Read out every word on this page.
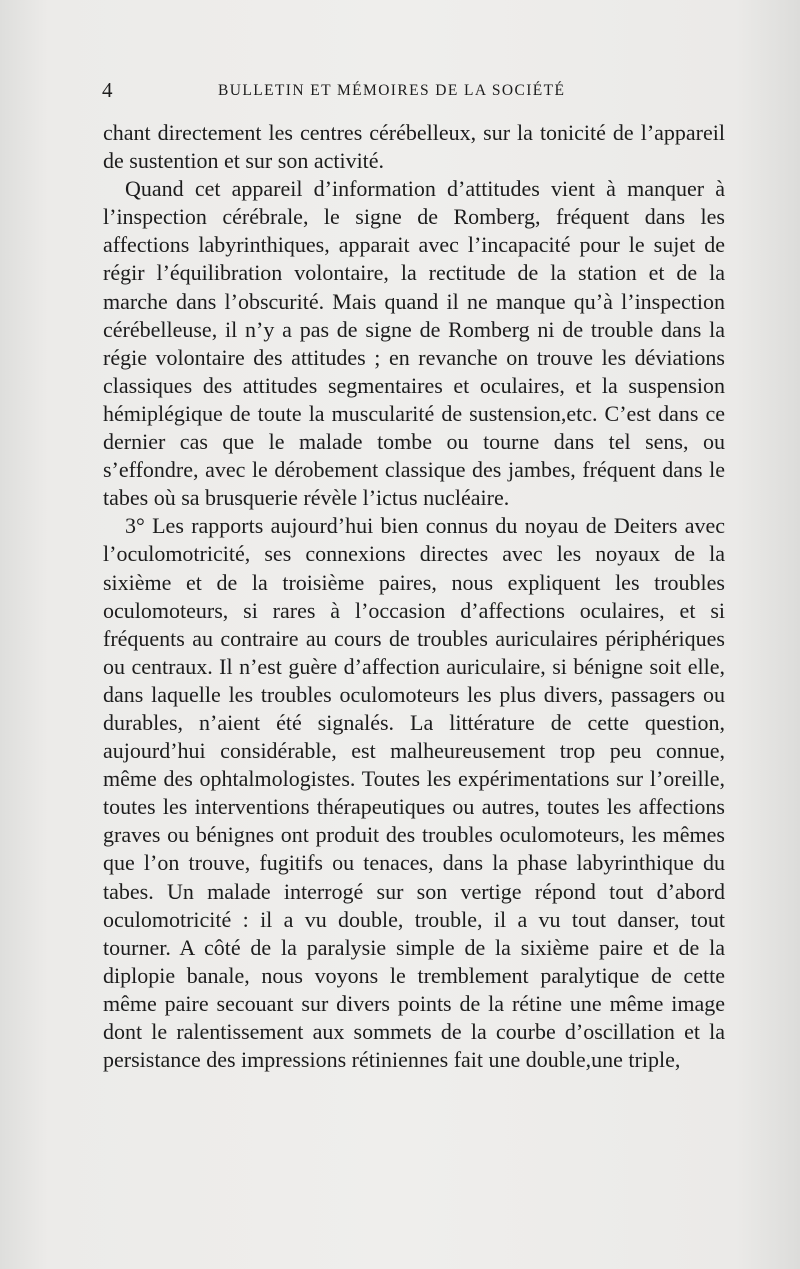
4	BULLETIN ET MÉMOIRES DE LA SOCIÉTÉ

chant directement les centres cérébelleux, sur la tonicité de l’appareil de sustention et sur son activité.

Quand cet appareil d’information d’attitudes vient à manquer à l’inspection cérébrale, le signe de Romberg, fréquent dans les affections labyrinthiques, apparait avec l’incapacité pour le sujet de régir l’équilibration volontaire, la rectitude de la station et de la marche dans l’obscurité. Mais quand il ne manque qu’à l’inspection cérébelleuse, il n’y a pas de signe de Romberg ni de trouble dans la régie volontaire des attitudes ; en revanche on trouve les déviations classiques des attitudes segmentaires et oculaires, et la suspension hémiplégique de toute la muscularité de sustension,etc. C’est dans ce dernier cas que le malade tombe ou tourne dans tel sens, ou s’effondre, avec le dérobement classique des jambes, fréquent dans le tabes où sa brusquerie révèle l’ictus nucléaire.

3° Les rapports aujourd’hui bien connus du noyau de Deiters avec l’oculomotricité, ses connexions directes avec les noyaux de la sixième et de la troisième paires, nous expliquent les troubles oculomoteurs, si rares à l’occasion d’affections oculaires, et si fréquents au contraire au cours de troubles auriculaires périphériques ou centraux. Il n’est guère d’affection auriculaire, si bénigne soit elle, dans laquelle les troubles oculomoteurs les plus divers, passagers ou durables, n’aient été signalés. La littérature de cette question, aujourd’hui considérable, est malheureusement trop peu connue, même des ophtalmologistes. Toutes les expérimentations sur l’oreille, toutes les interventions thérapeutiques ou autres, toutes les affections graves ou bénignes ont produit des troubles oculomoteurs, les mêmes que l’on trouve, fugitifs ou tenaces, dans la phase labyrinthique du tabes. Un malade interrogé sur son vertige répond tout d’abord oculomotricité : il a vu double, trouble, il a vu tout danser, tout tourner. A côté de la paralysie simple de la sixième paire et de la diplopie banale, nous voyons le tremblement paralytique de cette même paire secouant sur divers points de la rétine une même image dont le ralentissement aux sommets de la courbe d’oscillation et la persistance des impressions rétiniennes fait une double,une triple,
